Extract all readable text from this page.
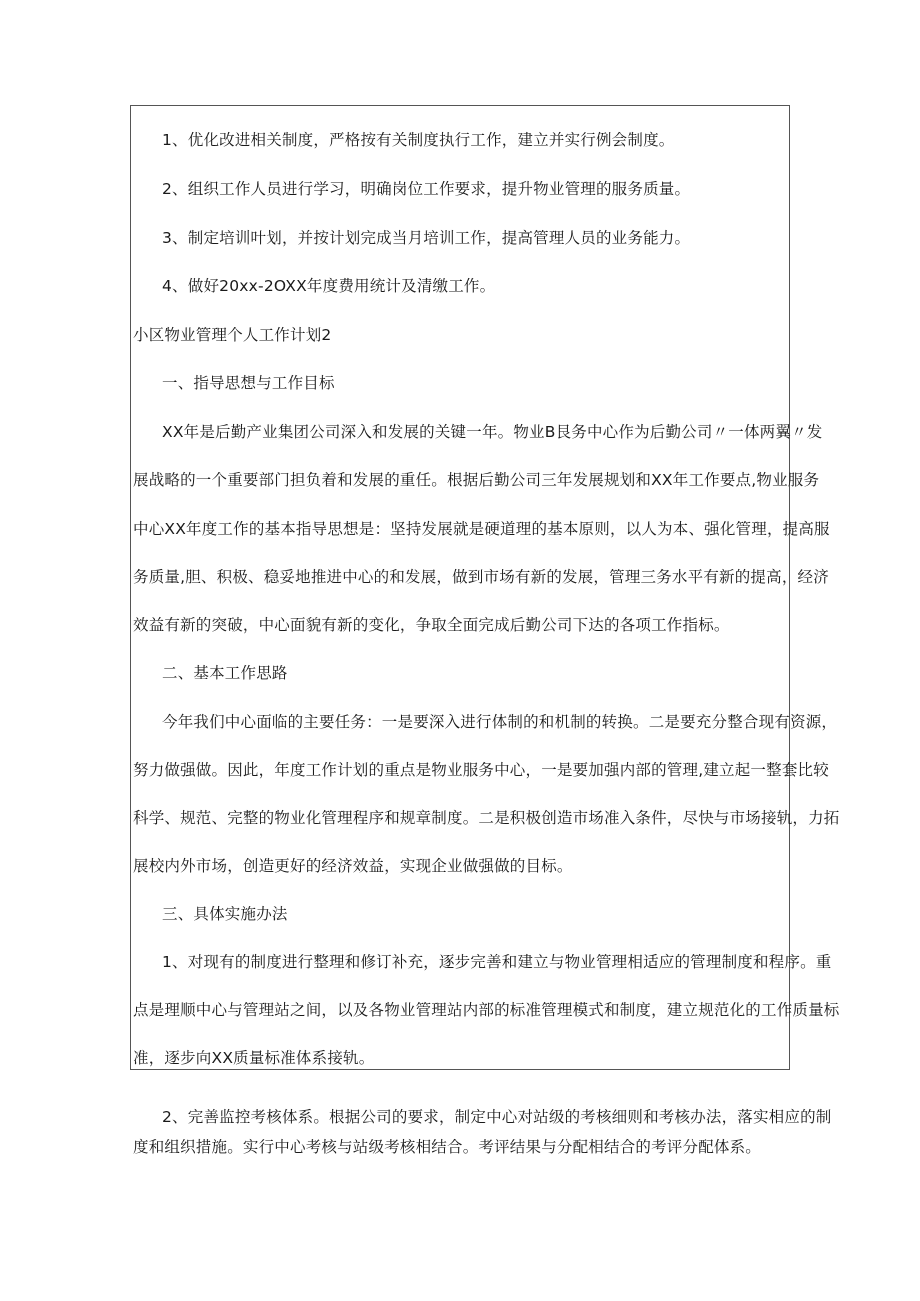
1、优化改进相关制度，严格按有关制度执行工作，建立并实行例会制度。
2、组织工作人员进行学习，明确岗位工作要求，提升物业管理的服务质量。
3、制定培训叶划，并按计划完成当月培训工作，提高管理人员的业务能力。
4、做好20xx-2OXX年度费用统计及清缴工作。
小区物业管理个人工作计划2
一、指导思想与工作目标
XX年是后勤产业集团公司深入和发展的关键一年。物业B艮务中心作为后勤公司〃一体两翼〃发
展战略的一个重要部门担负着和发展的重任。根据后勤公司三年发展规划和XX年工作要点,物业服务
中心XX年度工作的基本指导思想是：坚持发展就是硬道理的基本原则，以人为本、强化管理，提高服
务质量,胆、积极、稳妥地推进中心的和发展，做到市场有新的发展，管理三务水平有新的提高，经济
效益有新的突破，中心面貌有新的变化，争取全面完成后勤公司下达的各项工作指标。
二、基本工作思路
今年我们中心面临的主要任务：一是要深入进行体制的和机制的转换。二是要充分整合现有资源，
努力做强做。因此，年度工作计划的重点是物业服务中心，一是要加强内部的管理,建立起一整套比较
科学、规范、完整的物业化管理程序和规章制度。二是积极创造市场准入条件，尽快与市场接轨，力拓
展校内外市场，创造更好的经济效益，实现企业做强做的目标。
三、具体实施办法
1、对现有的制度进行整理和修订补充，逐步完善和建立与物业管理相适应的管理制度和程序。重
点是理顺中心与管理站之间，以及各物业管理站内部的标准管理模式和制度，建立规范化的工作质量标
准，逐步向XX质量标准体系接轨。
2、完善监控考核体系。根据公司的要求，制定中心对站级的考核细则和考核办法，落实相应的制
度和组织措施。实行中心考核与站级考核相结合。考评结果与分配相结合的考评分配体系。
